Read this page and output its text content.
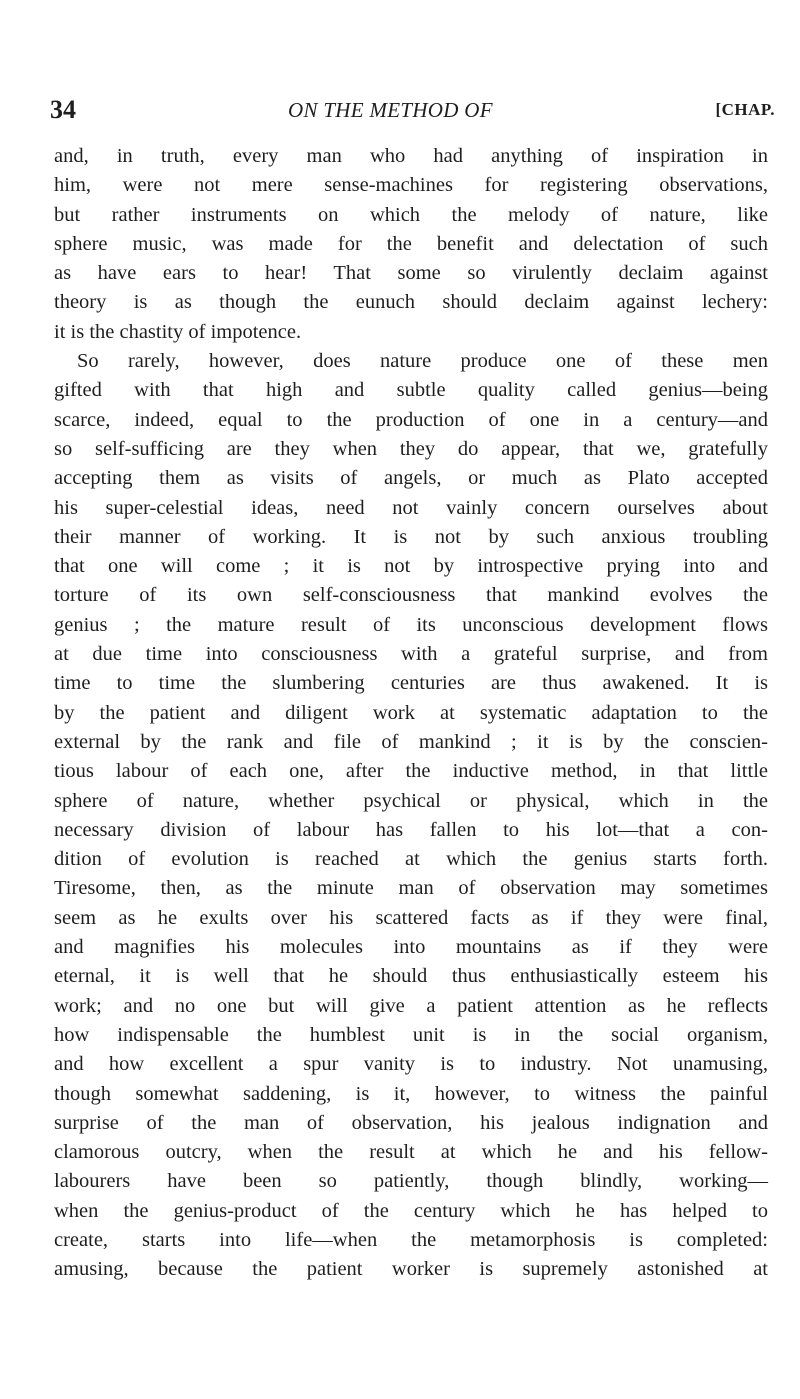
34	ON THE METHOD OF	[CHAP.
and, in truth, every man who had anything of inspiration in
him, were not mere sense-machines for registering observations,
but rather instruments on which the melody of nature, like
sphere music, was made for the benefit and delectation of such
as have ears to hear! That some so virulently declaim against
theory is as though the eunuch should declaim against lechery:
it is the chastity of impotence.
So rarely, however, does nature produce one of these men
gifted with that high and subtle quality called genius—being
scarce, indeed, equal to the production of one in a century—and
so self-sufficing are they when they do appear, that we, gratefully
accepting them as visits of angels, or much as Plato accepted
his super-celestial ideas, need not vainly concern ourselves about
their manner of working. It is not by such anxious troubling
that one will come ; it is not by introspective prying into and
torture of its own self-consciousness that mankind evolves the
genius ; the mature result of its unconscious development flows
at due time into consciousness with a grateful surprise, and from
time to time the slumbering centuries are thus awakened. It is
by the patient and diligent work at systematic adaptation to the
external by the rank and file of mankind ; it is by the conscien-
tious labour of each one, after the inductive method, in that little
sphere of nature, whether psychical or physical, which in the
necessary division of labour has fallen to his lot—that a con-
dition of evolution is reached at which the genius starts forth.
Tiresome, then, as the minute man of observation may sometimes
seem as he exults over his scattered facts as if they were final,
and magnifies his molecules into mountains as if they were
eternal, it is well that he should thus enthusiastically esteem his
work; and no one but will give a patient attention as he reflects
how indispensable the humblest unit is in the social organism,
and how excellent a spur vanity is to industry. Not unamusing,
though somewhat saddening, is it, however, to witness the painful
surprise of the man of observation, his jealous indignation and
clamorous outcry, when the result at which he and his fellow-
labourers have been so patiently, though blindly, working—
when the genius-product of the century which he has helped to
create, starts into life—when the metamorphosis is completed:
amusing, because the patient worker is supremely astonished at
